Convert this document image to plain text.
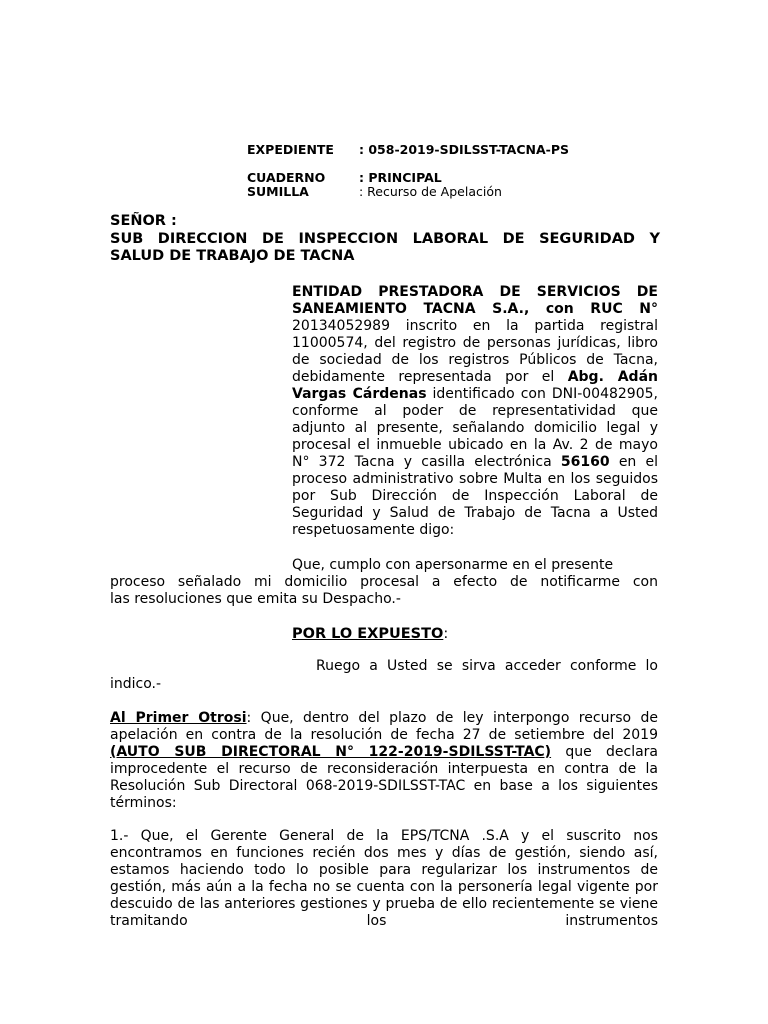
EXPEDIENTE : 058-2019-SDILSST-TACNA-PS
CUADERNO	: PRINCIPAL
SUMILLA	: Recurso de Apelación
SEÑOR :
SUB DIRECCION DE INSPECCION LABORAL DE SEGURIDAD Y
SALUD DE TRABAJO DE TACNA
ENTIDAD PRESTADORA DE SERVICIOS DE
SANEAMIENTO TACNA S.A., con RUC N°

20134052989 inscrito en la partida registral 11000574, del registro de personas jurídicas, libro de sociedad de los registros Públicos de Tacna, debidamente representada por el Abg. Adán Vargas Cárdenas identificado con DNI-00482905, conforme al poder de representatividad que adjunto al presente, señalando domicilio legal y procesal el inmueble ubicado en la Av. 2 de mayo N° 372 Tacna y casilla electrónica 56160 en el proceso administrativo sobre Multa en los seguidos por Sub Dirección de Inspección Laboral de Seguridad y Salud de Trabajo de Tacna a Usted respetuosamente digo:

Que, cumplo con apersonarme en el presente
proceso señalado mi domicilio procesal a efecto de notificarme con
las resoluciones que emita su Despacho.-
POR LO EXPUESTO:
Ruego a Usted se sirva acceder conforme lo
indico.-

Al Primer Otrosi: Que, dentro del plazo de ley interpongo recurso de apelación en contra de la resolución de fecha 27 de setiembre del 2019 (AUTO SUB DIRECTORAL N° 122-2019-SDILSST-TAC) que declara improcedente el recurso de reconsideración interpuesta en contra de la Resolución Sub Directoral 068-2019-SDILSST-TAC en base a los siguientes términos:

1.- Que, el Gerente General de la EPS/TCNA .S.A y el suscrito nos encontramos en funciones recién dos mes y días de gestión, siendo así, estamos haciendo todo lo posible para regularizar los instrumentos de gestión, más aún a la fecha no se cuenta con la personería legal vigente por descuido de las anteriores gestiones y prueba de ello recientemente se viene tramitando los instrumentos
